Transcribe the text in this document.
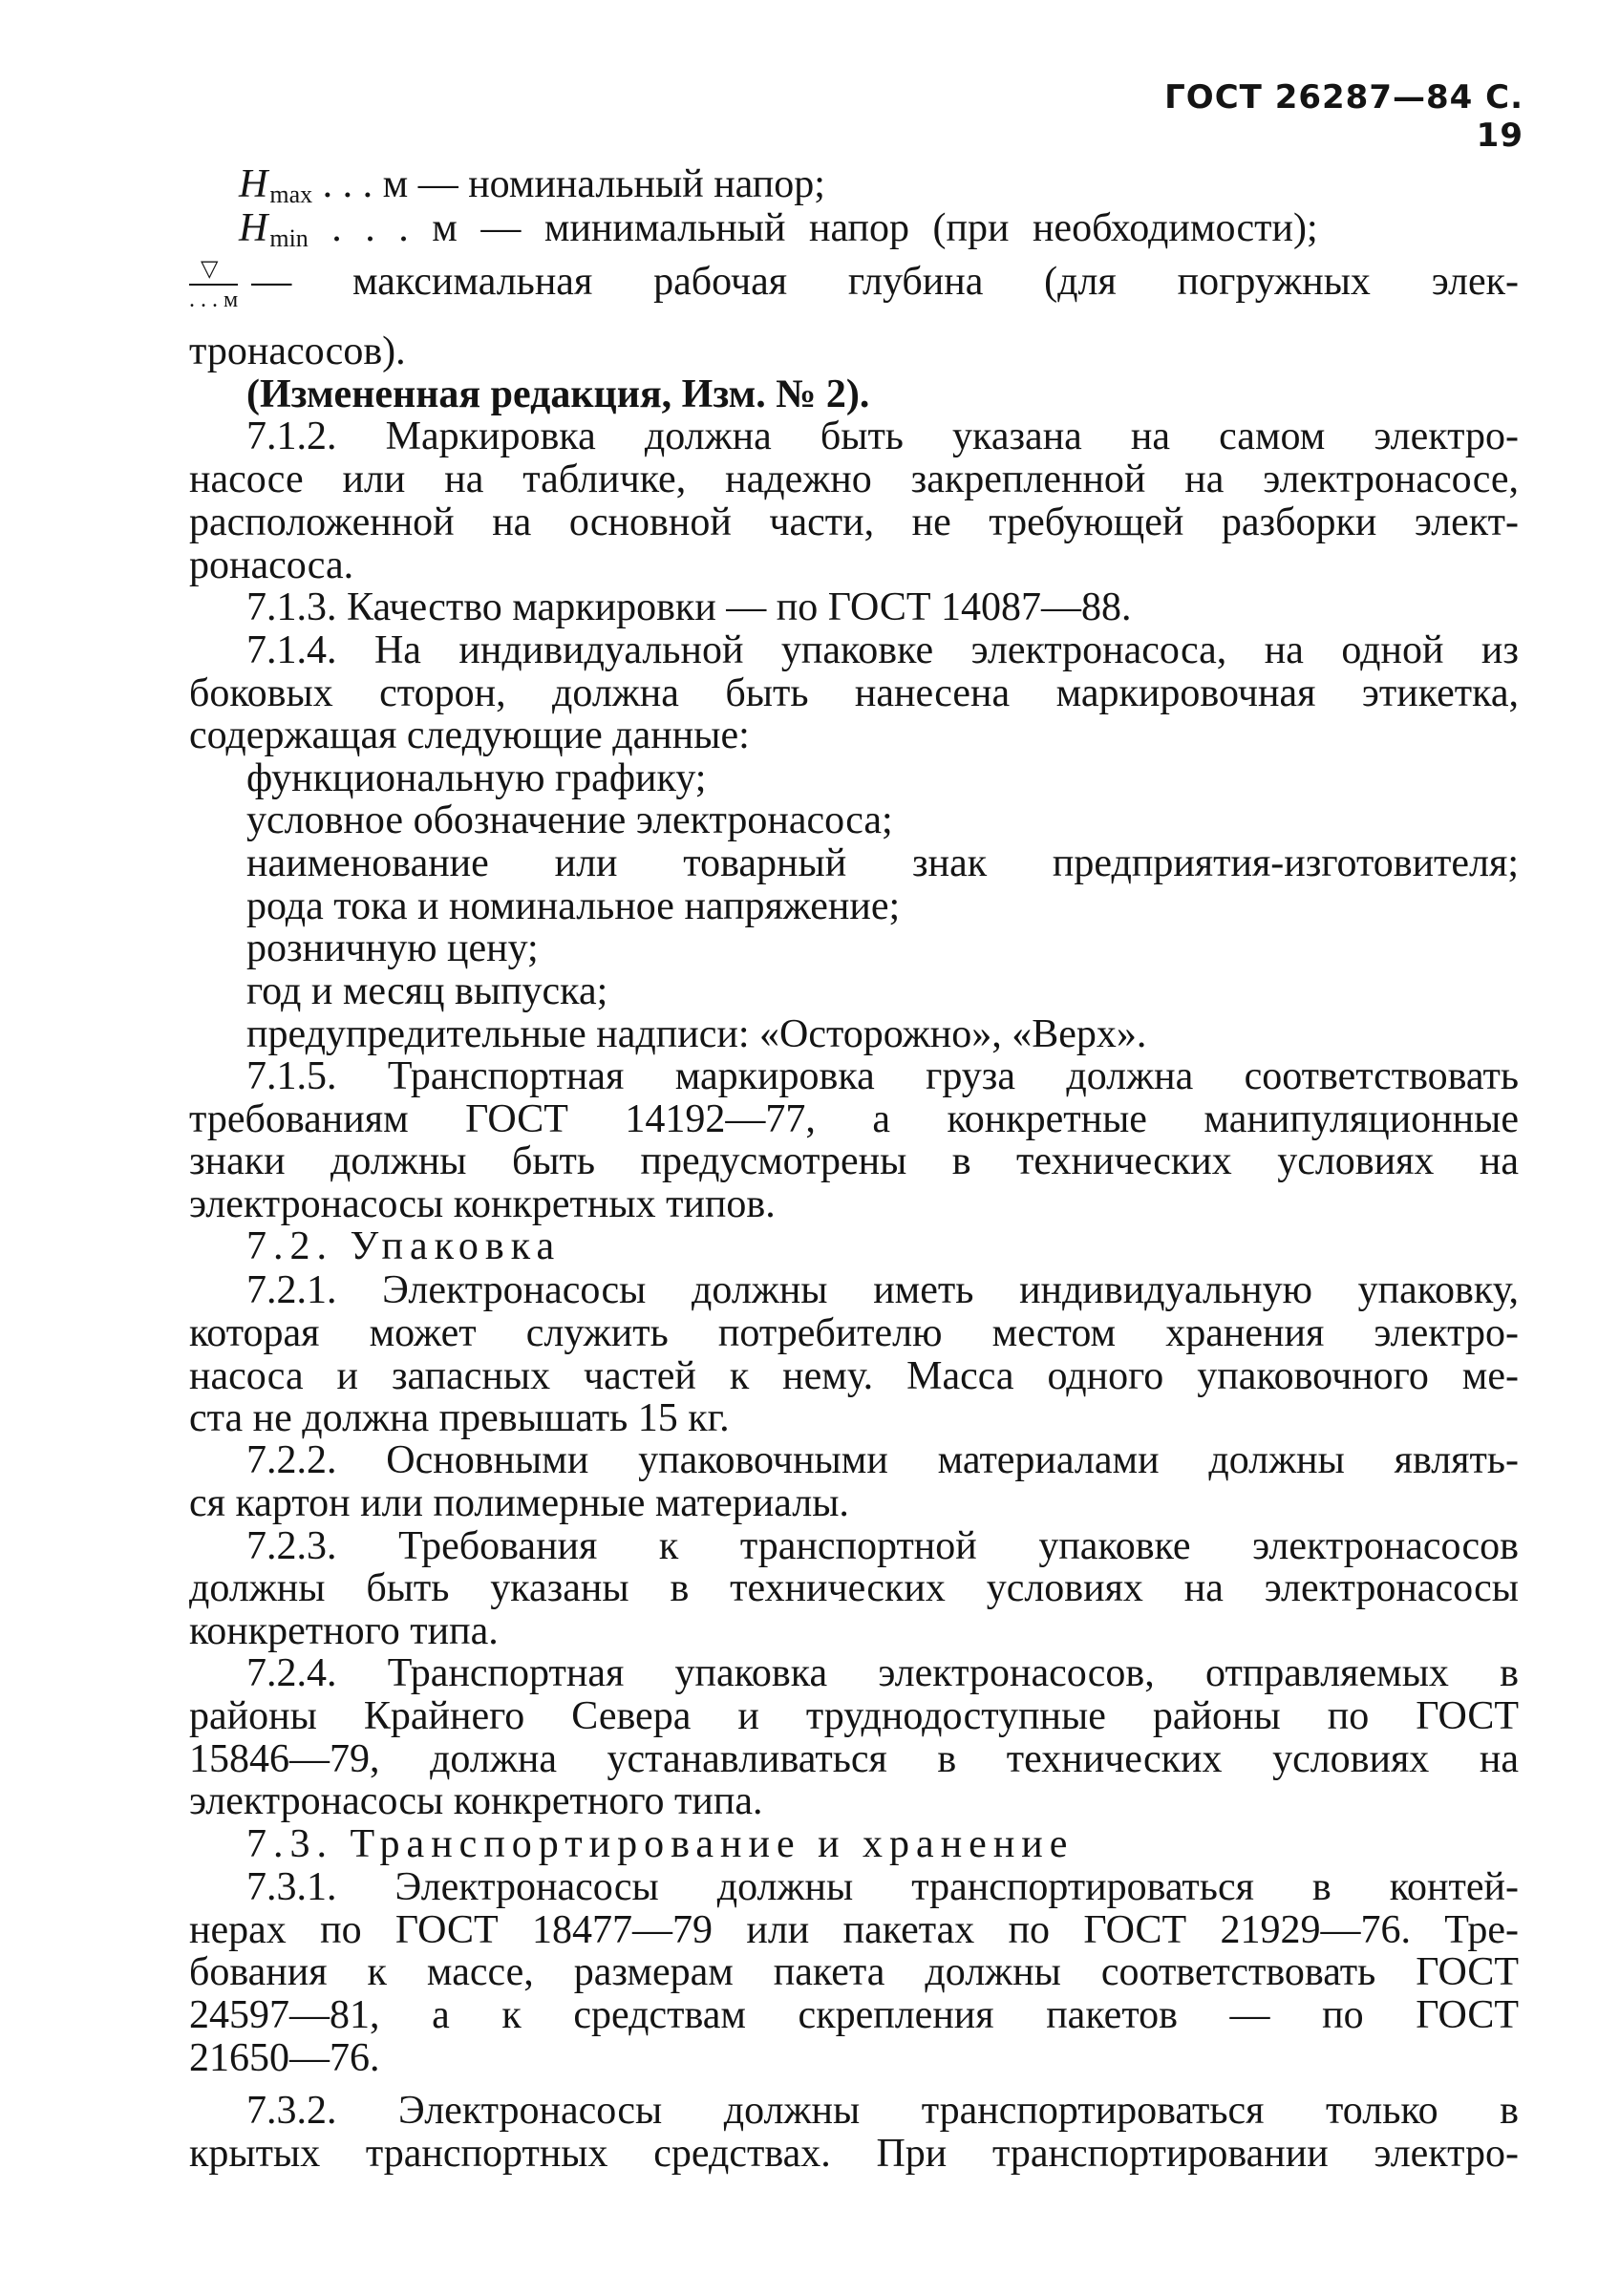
ГОСТ 26287—84 С. 19
$H_{max}$ . . . м — номинальный напор;
$H_{min}$ . . . м — минимальный напор (при необходимости);
$\frac{▽}{. . . м}$ — максимальная рабочая глубина (для погружных элек-
тронасосов).
(Измененная редакция, Изм. № 2).
7.1.2. Маркировка должна быть указана на самом электро-
насосе или на табличке, надежно закрепленной на электронасосе,
расположенной на основной части, не требующей разборки элект-
ронасоса.
7.1.3. Качество маркировки — по ГОСТ 14087—88.
7.1.4. На индивидуальной упаковке электронасоса, на одной из
боковых сторон, должна быть нанесена маркировочная этикетка,
содержащая следующие данные:
функциональную графику;
условное обозначение электронасоса;
наименование или товарный знак предприятия-изготовителя;
рода тока и номинальное напряжение;
розничную цену;
год и месяц выпуска;
предупредительные надписи: «Осторожно», «Верх».
7.1.5. Транспортная маркировка груза должна соответствовать
требованиям ГОСТ 14192—77, а конкретные манипуляционные
знаки должны быть предусмотрены в технических условиях на
электронасосы конкретных типов.
7.2. Упаковка
7.2.1. Электронасосы должны иметь индивидуальную упаковку,
которая может служить потребителю местом хранения электро-
насоса и запасных частей к нему. Масса одного упаковочного ме-
ста не должна превышать 15 кг.
7.2.2. Основными упаковочными материалами должны являть-
ся картон или полимерные материалы.
7.2.3. Требования к транспортной упаковке электронасосов
должны быть указаны в технических условиях на электронасосы
конкретного типа.
7.2.4. Транспортная упаковка электронасосов, отправляемых в
районы Крайнего Севера и труднодоступные районы по ГОСТ
15846—79, должна устанавливаться в технических условиях на
электронасосы конкретного типа.
7.3. Транспортирование и хранение
7.3.1. Электронасосы должны транспортироваться в контей-
нерах по ГОСТ 18477—79 или пакетах по ГОСТ 21929—76. Тре-
бования к массе, размерам пакета должны соответствовать ГОСТ
24597—81, а к средствам скрепления пакетов — по ГОСТ
21650—76.
7.3.2. Электронасосы должны транспортироваться только в
крытых транспортных средствах. При транспортировании электро-
